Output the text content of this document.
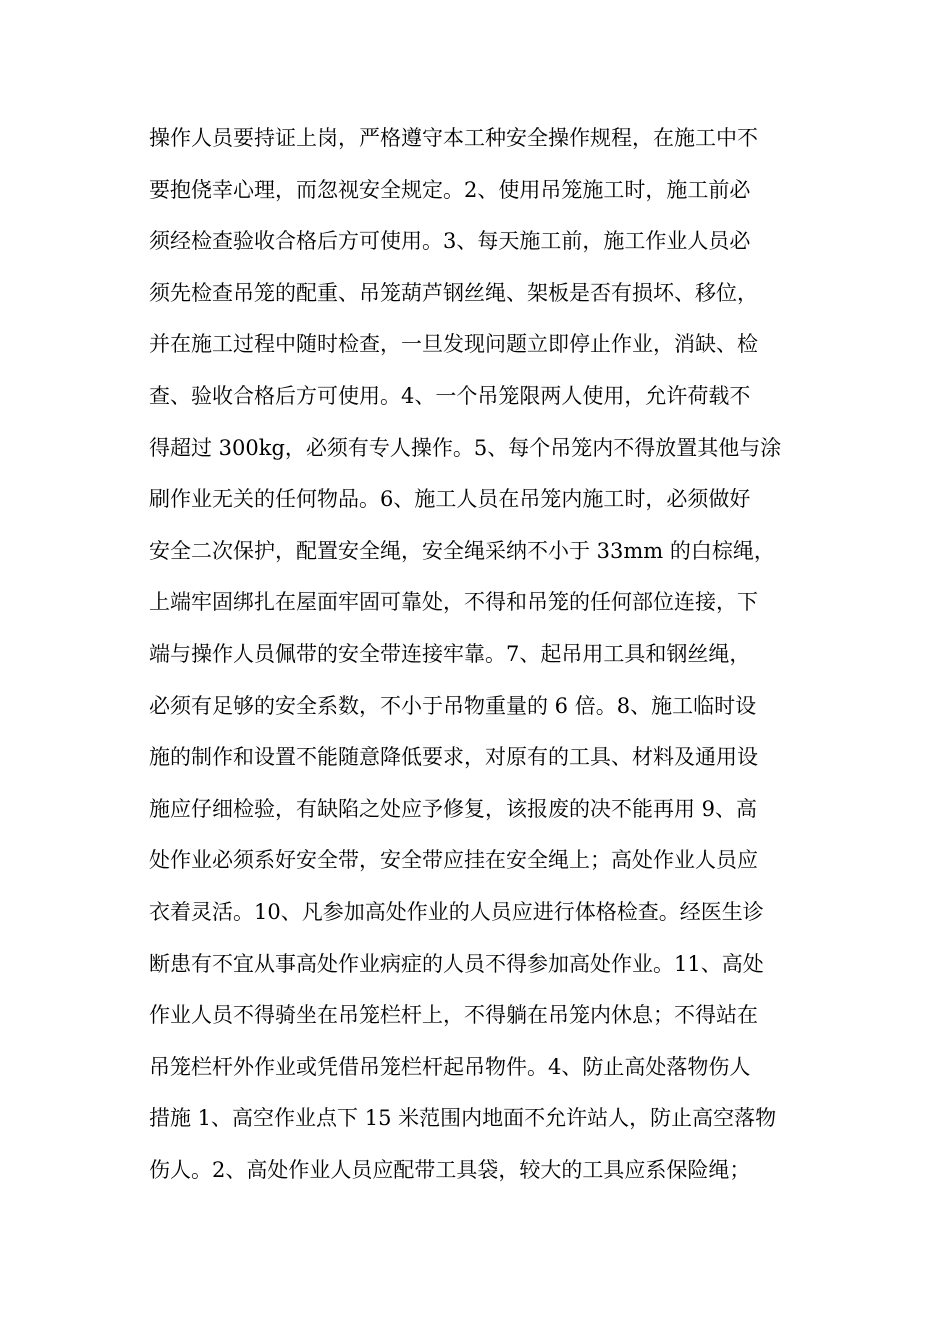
操作人员要持证上岗，严格遵守本工种安全操作规程，在施工中不
要抱侥幸心理，而忽视安全规定。2、使用吊笼施工时，施工前必
须经检查验收合格后方可使用。3、每天施工前，施工作业人员必
须先检查吊笼的配重、吊笼葫芦钢丝绳、架板是否有损坏、移位，
并在施工过程中随时检查，一旦发现问题立即停止作业，消缺、检
查、验收合格后方可使用。4、一个吊笼限两人使用，允许荷载不
得超过 300kg，必须有专人操作。5、每个吊笼内不得放置其他与涂
刷作业无关的任何物品。6、施工人员在吊笼内施工时，必须做好
安全二次保护，配置安全绳，安全绳采纳不小于 33mm 的白棕绳，
上端牢固绑扎在屋面牢固可靠处，不得和吊笼的任何部位连接，下
端与操作人员佩带的安全带连接牢靠。7、起吊用工具和钢丝绳，
必须有足够的安全系数，不小于吊物重量的 6 倍。8、施工临时设
施的制作和设置不能随意降低要求，对原有的工具、材料及通用设
施应仔细检验，有缺陷之处应予修复，该报废的决不能再用 9、高
处作业必须系好安全带，安全带应挂在安全绳上；高处作业人员应
衣着灵活。10、凡参加高处作业的人员应进行体格检查。经医生诊
断患有不宜从事高处作业病症的人员不得参加高处作业。11、高处
作业人员不得骑坐在吊笼栏杆上，不得躺在吊笼内休息；不得站在
吊笼栏杆外作业或凭借吊笼栏杆起吊物件。4、防止高处落物伤人
措施 1、高空作业点下 15 米范围内地面不允许站人，防止高空落物
伤人。2、高处作业人员应配带工具袋，较大的工具应系保险绳；
